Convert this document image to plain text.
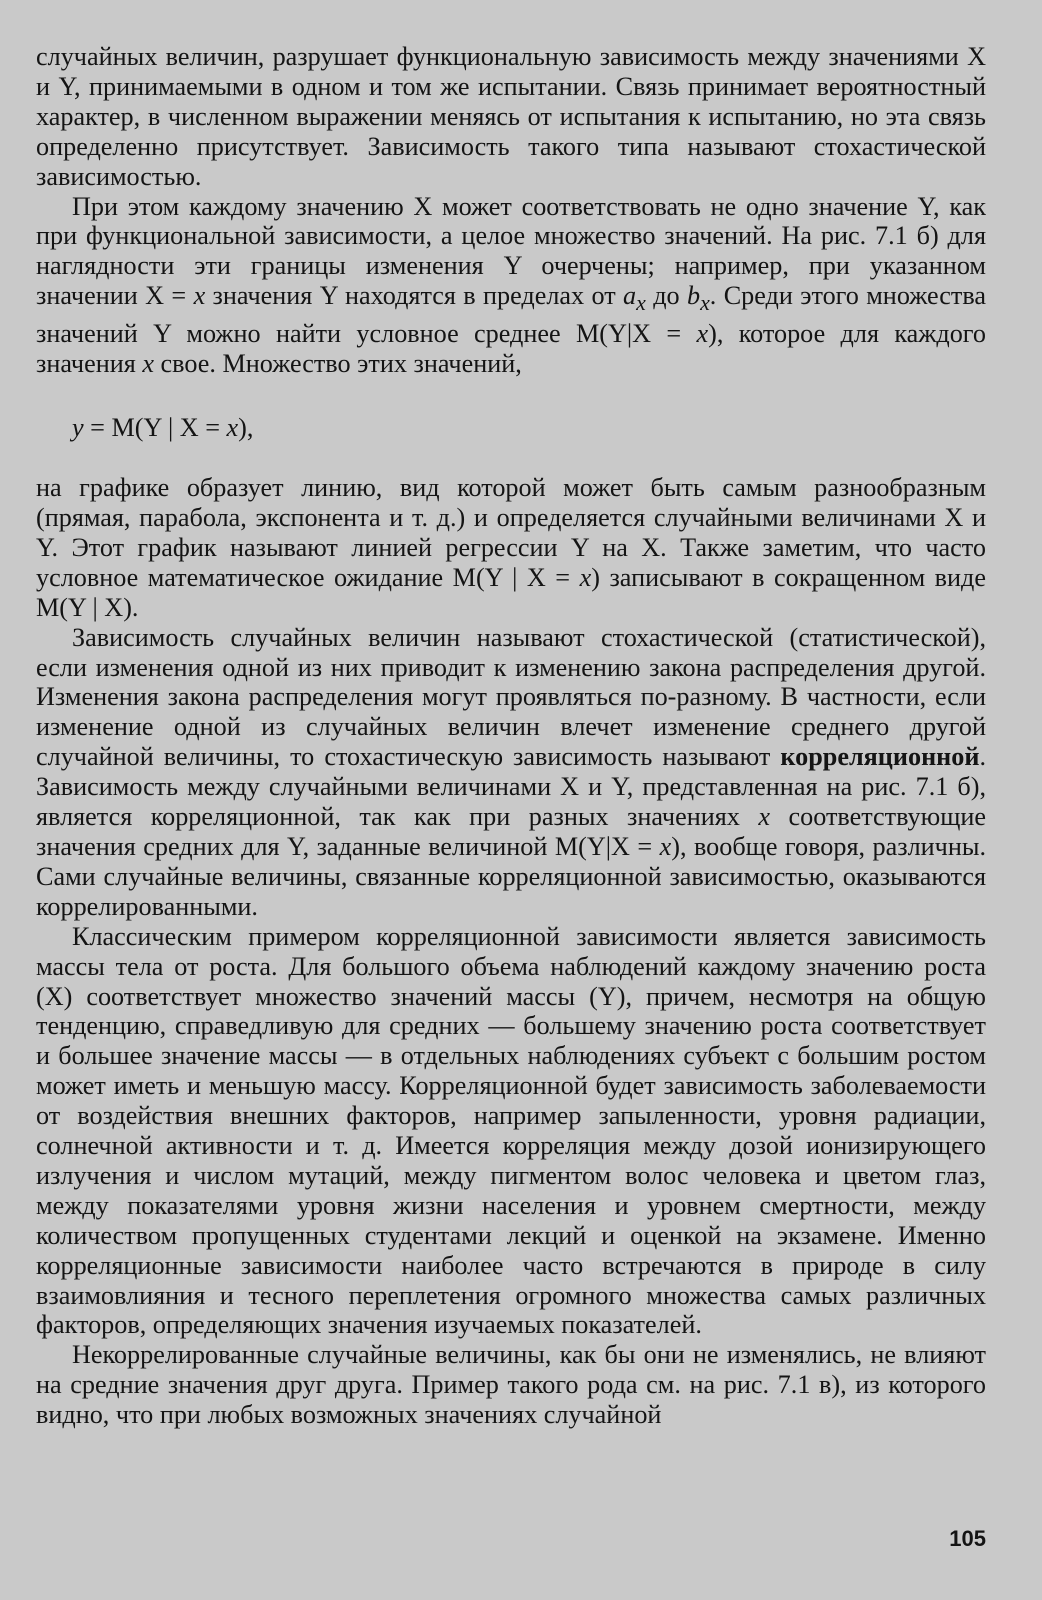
случайных величин, разрушает функциональную зависимость между значениями X и Y, принимаемыми в одном и том же испытании. Связь принимает вероятностный характер, в численном выражении меняясь от испытания к испытанию, но эта связь определенно присутствует. Зависимость такого типа называют стохастической зависимостью.

При этом каждому значению X может соответствовать не одно значение Y, как при функциональной зависимости, а целое множество значений. На рис. 7.1 б) для наглядности эти границы изменения Y очерчены; например, при указанном значении X = x значения Y находятся в пределах от $a_x$ до $b_x$. Среди этого множества значений Y можно найти условное среднее M(Y|X = x), которое для каждого значения x свое. Множество этих значений,

y = M(Y | X = x),

на графике образует линию, вид которой может быть самым разнообразным (прямая, парабола, экспонента и т. д.) и определяется случайными величинами X и Y. Этот график называют линией регрессии Y на X. Также заметим, что часто условное математическое ожидание M(Y | X = x) записывают в сокращенном виде M(Y | X).

Зависимость случайных величин называют стохастической (статистической), если изменения одной из них приводит к изменению закона распределения другой. Изменения закона распределения могут проявляться по-разному. В частности, если изменение одной из случайных величин влечет изменение среднего другой случайной величины, то стохастическую зависимость называют корреляционной. Зависимость между случайными величинами X и Y, представленная на рис. 7.1 б), является корреляционной, так как при разных значениях x соответствующие значения средних для Y, заданные величиной M(Y|X = x), вообще говоря, различны. Сами случайные величины, связанные корреляционной зависимостью, оказываются коррелированными.

Классическим примером корреляционной зависимости является зависимость массы тела от роста. Для большого объема наблюдений каждому значению роста (X) соответствует множество значений массы (Y), причем, несмотря на общую тенденцию, справедливую для средних — большему значению роста соответствует и большее значение массы — в отдельных наблюдениях субъект с большим ростом может иметь и меньшую массу. Корреляционной будет зависимость заболеваемости от воздействия внешних факторов, например запыленности, уровня радиации, солнечной активности и т. д. Имеется корреляция между дозой ионизирующего излучения и числом мутаций, между пигментом волос человека и цветом глаз, между показателями уровня жизни населения и уровнем смертности, между количеством пропущенных студентами лекций и оценкой на экзамене. Именно корреляционные зависимости наиболее часто встречаются в природе в силу взаимовлияния и тесного переплетения огромного множества самых различных факторов, определяющих значения изучаемых показателей.

Некоррелированные случайные величины, как бы они не изменялись, не влияют на средние значения друг друга. Пример такого рода см. на рис. 7.1 в), из которого видно, что при любых возможных значениях случайной

105
